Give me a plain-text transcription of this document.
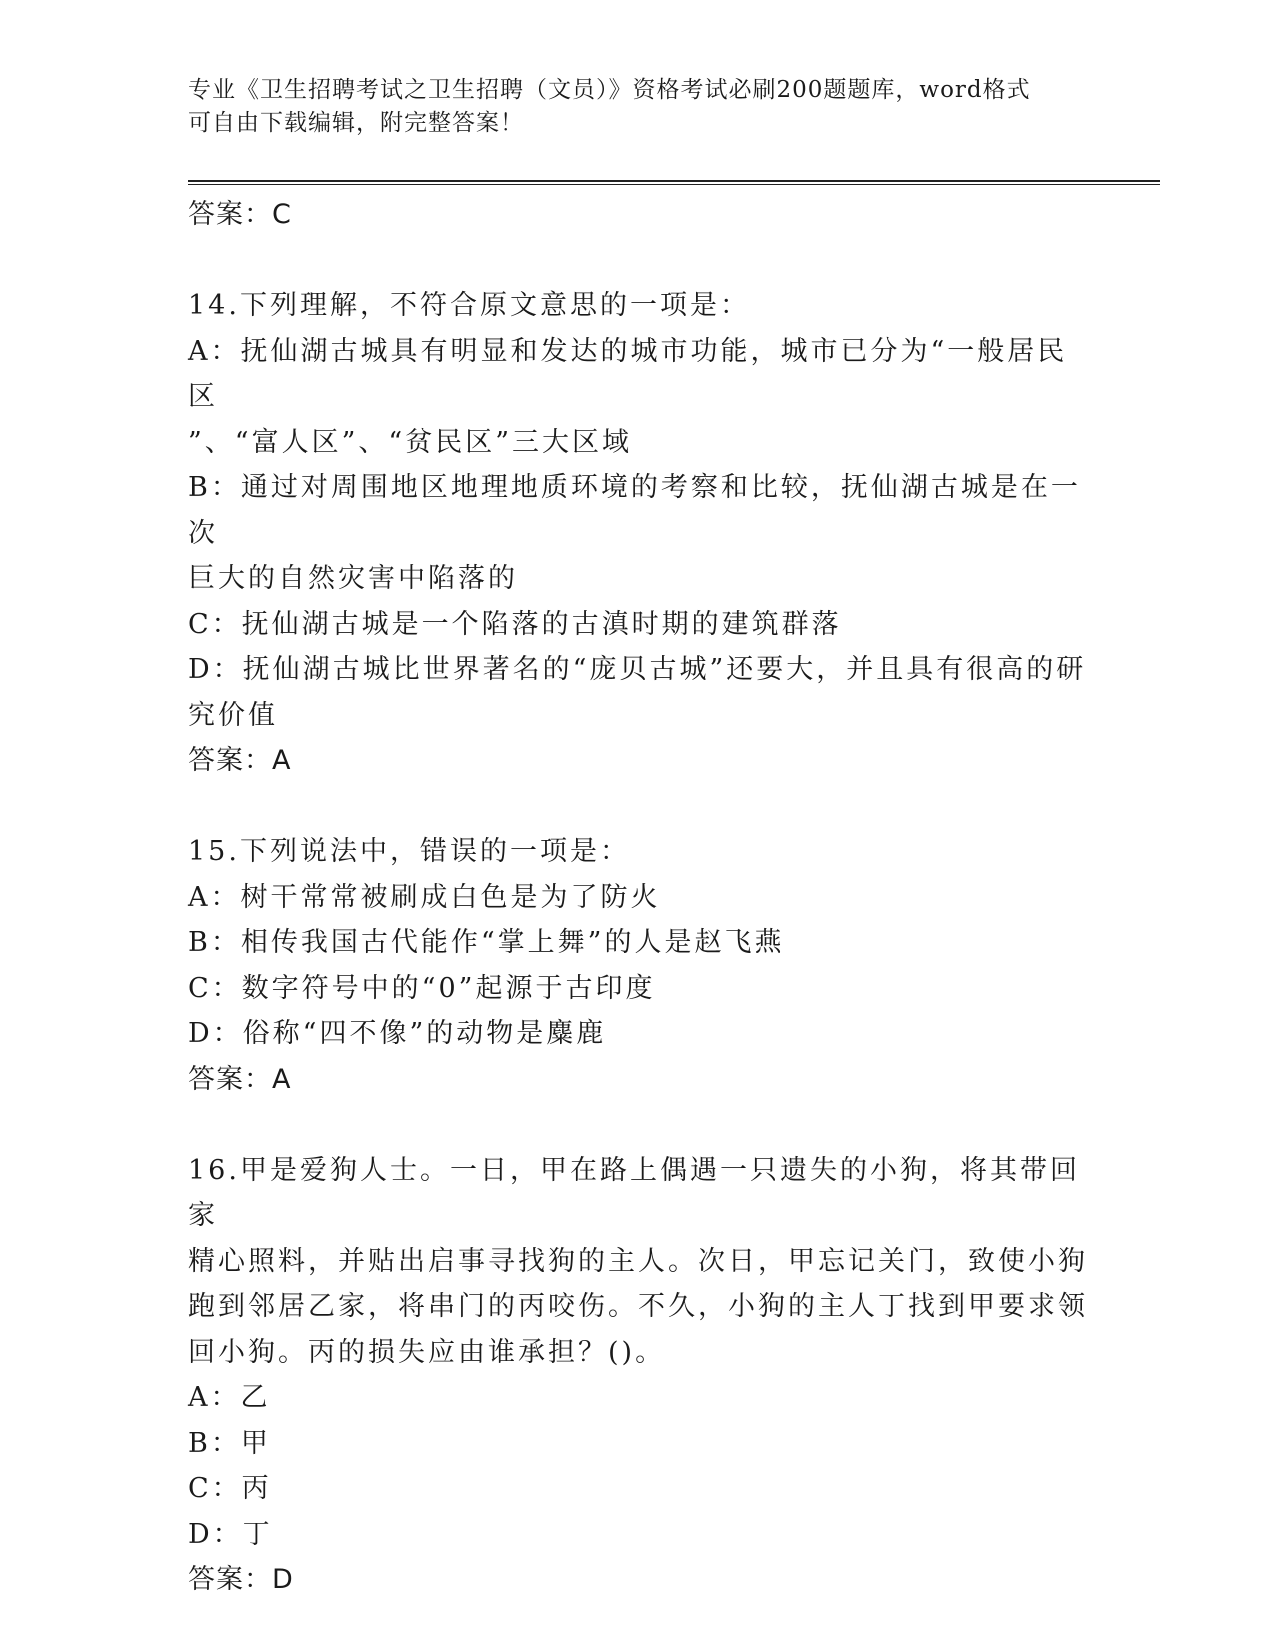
专业《卫生招聘考试之卫生招聘（文员）》资格考试必刷200题题库，word格式

可自由下载编辑，附完整答案！

答案：C

14.下列理解，不符合原文意思的一项是：

A：抚仙湖古城具有明显和发达的城市功能，城市已分为“一般居民区

”、“富人区”、“贫民区”三大区域

B：通过对周围地区地理地质环境的考察和比较，抚仙湖古城是在一次

巨大的自然灾害中陷落的

C：抚仙湖古城是一个陷落的古滇时期的建筑群落

D：抚仙湖古城比世界著名的“庞贝古城”还要大，并且具有很高的研

究价值

答案：A

15.下列说法中，错误的一项是：

A：树干常常被刷成白色是为了防火

B：相传我国古代能作“掌上舞”的人是赵飞燕

C：数字符号中的“0”起源于古印度

D：俗称“四不像”的动物是麋鹿

答案：A

16.甲是爱狗人士。一日，甲在路上偶遇一只遗失的小狗，将其带回家

精心照料，并贴出启事寻找狗的主人。次日，甲忘记关门，致使小狗

跑到邻居乙家，将串门的丙咬伤。不久，小狗的主人丁找到甲要求领

回小狗。丙的损失应由谁承担？()。

A：乙

B：甲

C：丙

D：丁

答案：D
